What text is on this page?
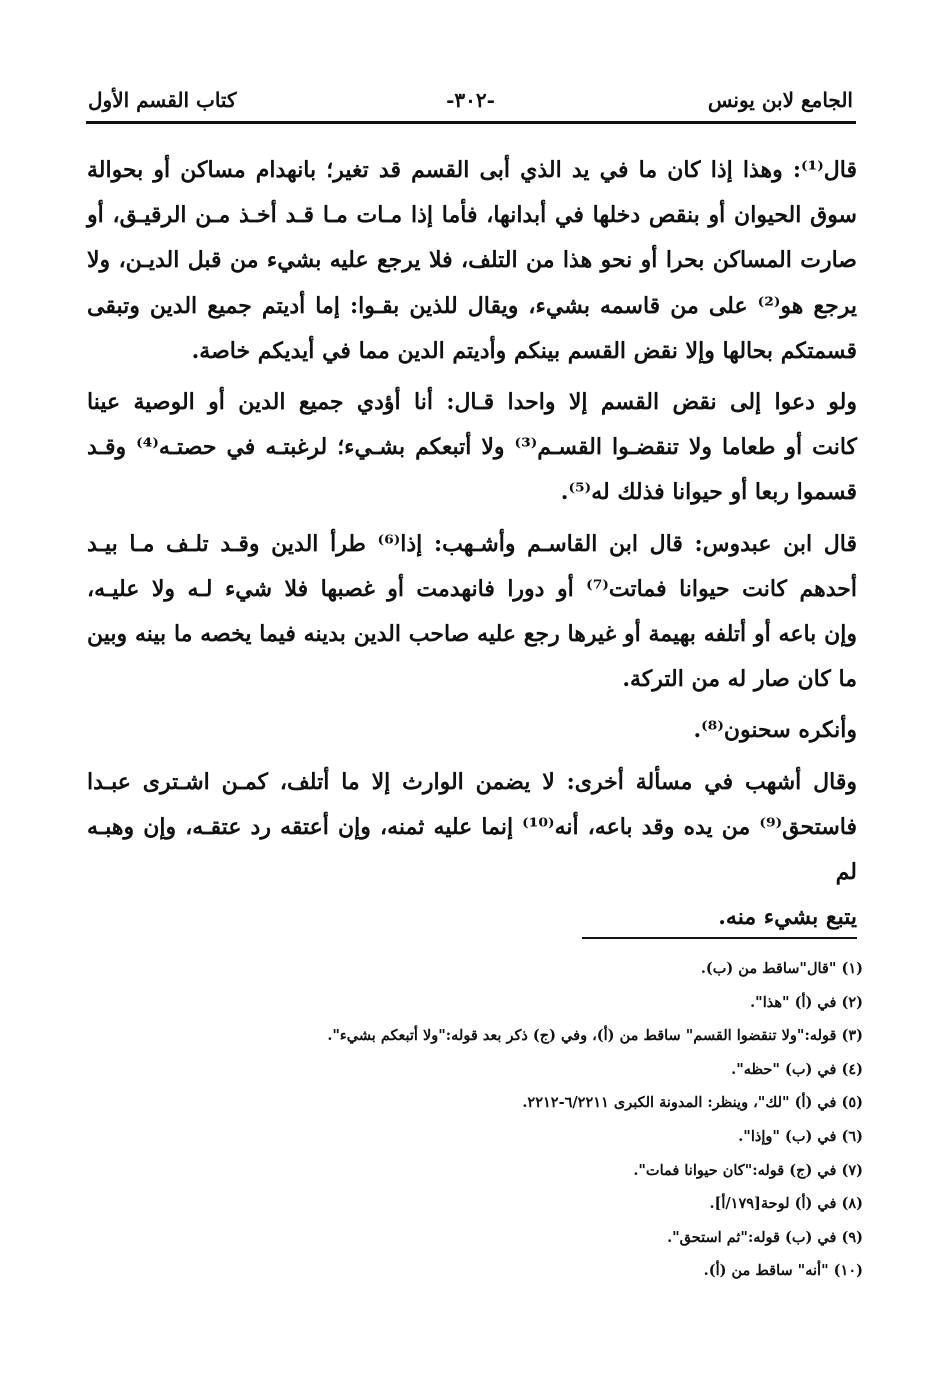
الجامع لابن يونس
-٣٠٢-
كتاب القسم الأول

قال⁽¹⁾: وهذا إذا كان ما في يد الذي أبى القسم قد تغير؛ بانهدام مساكن أو بحوالة

سوق الحيوان أو بنقص دخلها في أبدانها، فأما إذا مـات مـا قـد أخـذ مـن الرقيـق، أو

صارت المساكن بحرا أو نحو هذا من التلف، فلا يرجع عليه بشيء من قبل الديـن، ولا

يرجع هو⁽²⁾ على من قاسمه بشيء، ويقال للذين بقـوا: إما أديتم جميع الدين وتبقى

قسمتكم بحالها وإلا نقض القسم بينكم وأديتم الدين مما في أيديكم خاصة.

ولو دعوا إلى نقض القسم إلا واحدا قـال: أنا أؤدي جميع الدين أو الوصية عينا

كانت أو طعاما ولا تنقضـوا القسـم⁽³⁾ ولا أتبعكم بشـيء؛ لرغبتـه في حصتـه⁽⁴⁾ وقـد

قسموا ربعا أو حيوانا فذلك له⁽⁵⁾.

قال ابن عبدوس: قال ابن القاسـم وأشـهب: إذا⁽⁶⁾ طرأ الدين وقـد تلـف مـا بيـد

أحدهم كانت حيوانا فماتت⁽⁷⁾ أو دورا فانهدمت أو غصبها فلا شيء لـه ولا عليـه،

وإن باعه أو أتلفه بهيمة أو غيرها رجع عليه صاحب الدين بدينه فيما يخصه ما بينه وبين

ما كان صار له من التركة.

وأنكره سحنون⁽⁸⁾.

وقال أشهب في مسألة أخرى: لا يضمن الوارث إلا ما أتلف، كمـن اشـترى عبـدا

فاستحق⁽⁹⁾ من يده وقد باعه، أنه⁽¹⁰⁾ إنما عليه ثمنه، وإن أعتقه رد عتقـه، وإن وهبـه لم

يتبع بشيء منه.

(١) "قال"ساقط من (ب).
(٢) في (أ) "هذا".
(٣) قوله:"ولا تنقضوا القسم" ساقط من (أ)، وفي (ج) ذكر بعد قوله:"ولا أتبعكم بشيء".
(٤) في (ب) "حظه".
(٥) في (أ) "لك"، وينظر: المدونة الكبرى ٦/٢٢١١-٢٢١٢.
(٦) في (ب) "وإذا".
(٧) في (ج) قوله:"كان حيوانا فمات".
(٨) في (أ) لوحة[١٧٩/أ].
(٩) في (ب) قوله:"ثم استحق".
(١٠) "أنه" ساقط من (أ).
